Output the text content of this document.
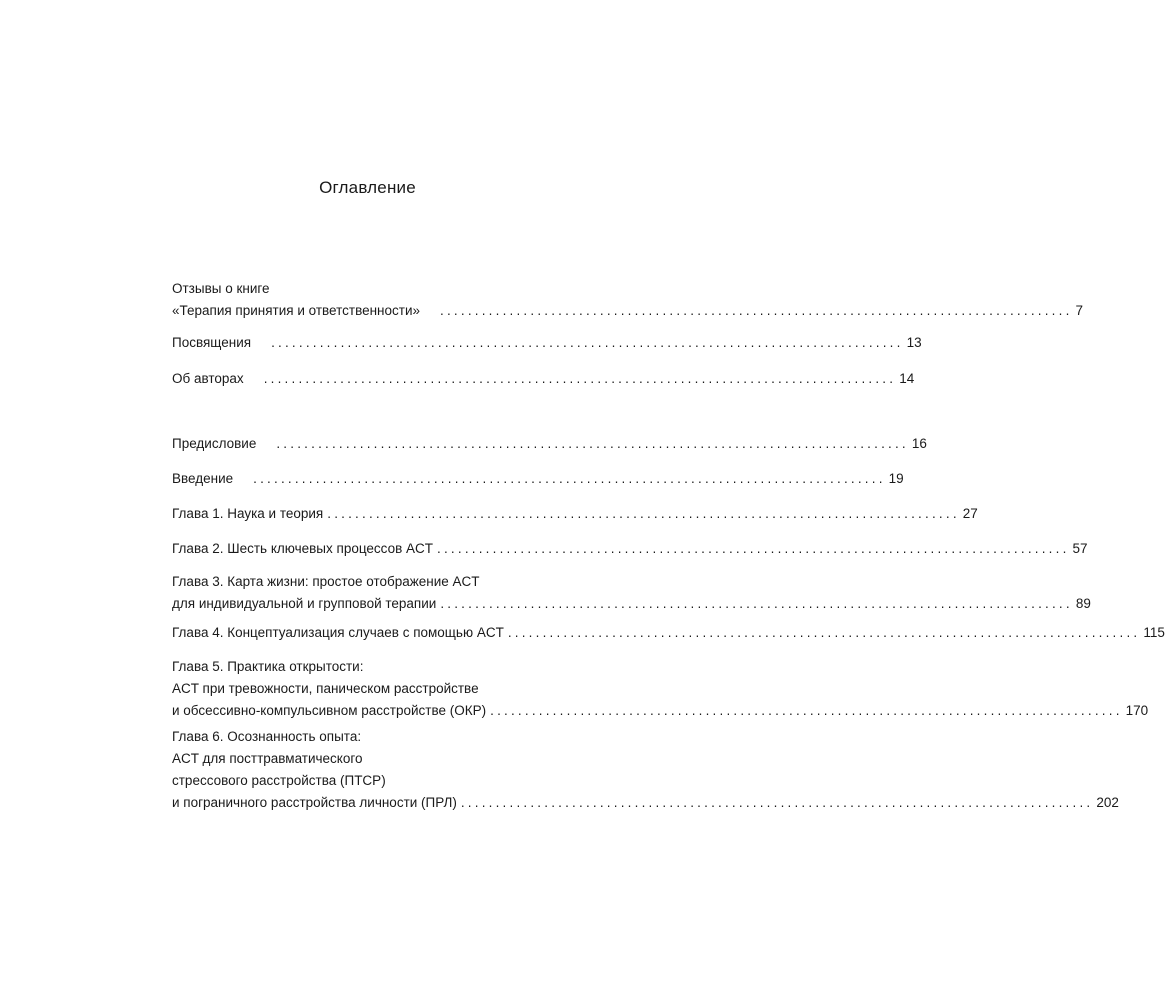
Оглавление
Отзывы о книге
«Терапия принятия и ответственности» ........................................................................................... 7
Посвящения ........................................................................................... 13
Об авторах ........................................................................................... 14
Предисловие ........................................................................................... 16
Введение ........................................................................................... 19
Глава 1. Наука и теория ........................................................................................... 27
Глава 2. Шесть ключевых процессов ACT ........................................................................................... 57
Глава 3. Карта жизни: простое отображение ACT
для индивидуальной и групповой терапии ........................................................................................... 89
Глава 4. Концептуализация случаев с помощью ACT ........................................................................................... 115
Глава 5. Практика открытости:
ACT при тревожности, паническом расстройстве
и обсессивно-компульсивном расстройстве (ОКР) ........................................................................................... 170
Глава 6. Осознанность опыта:
ACT для посттравматического
стрессового расстройства (ПТСР)
и пограничного расстройства личности (ПРЛ) ........................................................................................... 202
